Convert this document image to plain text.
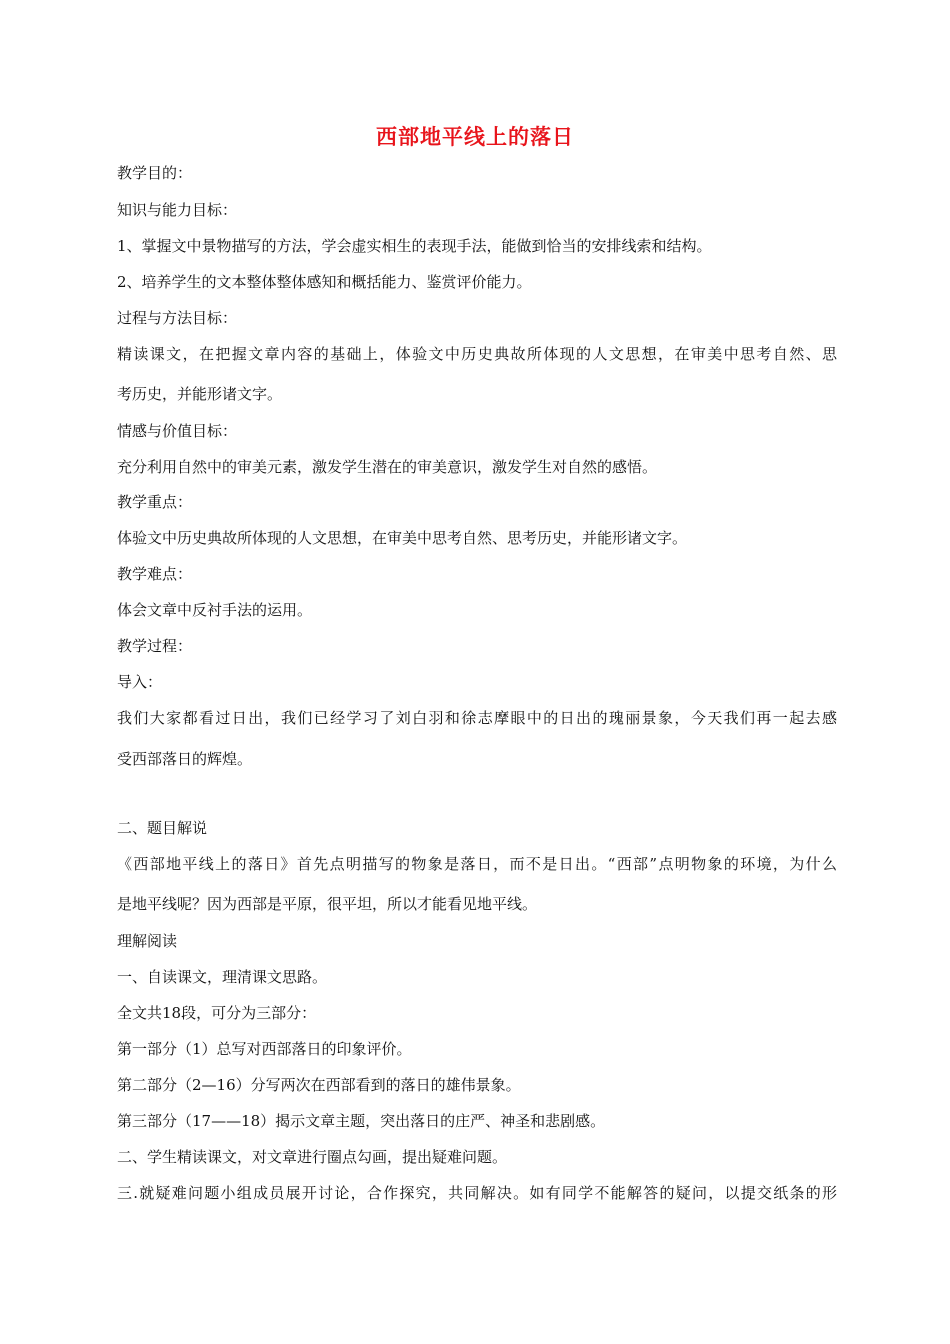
西部地平线上的落日
教学目的：
知识与能力目标：
1、掌握文中景物描写的方法，学会虚实相生的表现手法，能做到恰当的安排线索和结构。
2、培养学生的文本整体整体感知和概括能力、鉴赏评价能力。
过程与方法目标：
精读课文，在把握文章内容的基础上，体验文中历史典故所体现的人文思想，在审美中思考自然、思
考历史，并能形诸文字。
情感与价值目标：
充分利用自然中的审美元素，激发学生潜在的审美意识，激发学生对自然的感悟。
教学重点：
体验文中历史典故所体现的人文思想，在审美中思考自然、思考历史，并能形诸文字。
教学难点：
体会文章中反衬手法的运用。
教学过程：
导入：
我们大家都看过日出，我们已经学习了刘白羽和徐志摩眼中的日出的瑰丽景象，今天我们再一起去感
受西部落日的辉煌。
二、题目解说
《西部地平线上的落日》首先点明描写的物象是落日，而不是日出。“西部”点明物象的环境，为什么
是地平线呢？因为西部是平原，很平坦，所以才能看见地平线。
理解阅读
一、自读课文，理清课文思路。
全文共18段，可分为三部分：
第一部分（1）总写对西部落日的印象评价。
第二部分（2—16）分写两次在西部看到的落日的雄伟景象。
第三部分（17——18）揭示文章主题，突出落日的庄严、神圣和悲剧感。
二、学生精读课文，对文章进行圈点勾画，提出疑难问题。
三.就疑难问题小组成员展开讨论，合作探究，共同解决。如有同学不能解答的疑问，以提交纸条的形
